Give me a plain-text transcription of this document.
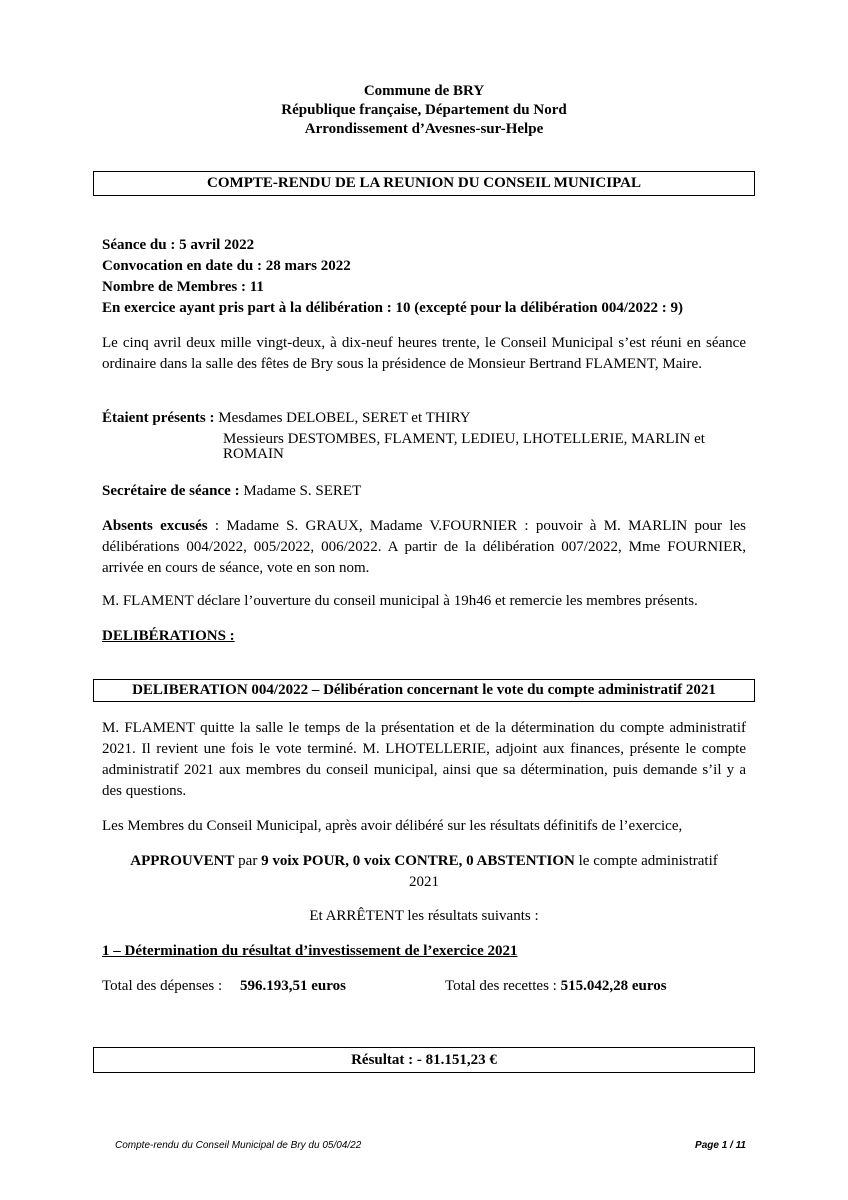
Commune de BRY
République française, Département du Nord
Arrondissement d’Avesnes-sur-Helpe
COMPTE-RENDU DE LA REUNION DU CONSEIL MUNICIPAL
Séance du : 5 avril 2022
Convocation en date du : 28 mars 2022
Nombre de Membres : 11
En exercice ayant pris part à la délibération : 10 (excepté pour la délibération 004/2022 : 9)
Le cinq avril deux mille vingt-deux, à dix-neuf heures trente, le Conseil Municipal s’est réuni en séance ordinaire dans la salle des fêtes de Bry sous la présidence de Monsieur Bertrand FLAMENT, Maire.
Étaient présents : Mesdames DELOBEL, SERET et THIRY
Messieurs DESTOMBES, FLAMENT, LEDIEU, LHOTELLERIE, MARLIN et
ROMAIN
Secrétaire de séance : Madame S. SERET
Absents excusés : Madame S. GRAUX, Madame V.FOURNIER : pouvoir à M. MARLIN pour les délibérations 004/2022, 005/2022, 006/2022. A partir de la délibération 007/2022, Mme FOURNIER, arrivée en cours de séance, vote en son nom.
M. FLAMENT déclare l’ouverture du conseil municipal à 19h46 et remercie les membres présents.
DELIBÉRATIONS :
DELIBERATION 004/2022 – Délibération concernant le vote du compte administratif 2021
M. FLAMENT quitte la salle le temps de la présentation et de la détermination du compte administratif 2021. Il revient une fois le vote terminé. M. LHOTELLERIE, adjoint aux finances, présente le compte administratif 2021 aux membres du conseil municipal, ainsi que sa détermination, puis demande s’il y a des questions.
Les Membres du Conseil Municipal, après avoir délibéré sur les résultats définitifs de l’exercice,
APPROUVENT par 9 voix POUR, 0 voix CONTRE, 0 ABSTENTION le compte administratif
2021
Et ARRÊTENT les résultats suivants :
1 – Détermination du résultat d’investissement de l’exercice 2021
Total des dépenses : 596.193,51 euros	Total des recettes : 515.042,28 euros
Résultat : - 81.151,23 €
Compte-rendu du Conseil Municipal de Bry du 05/04/22	Page 1 / 11
